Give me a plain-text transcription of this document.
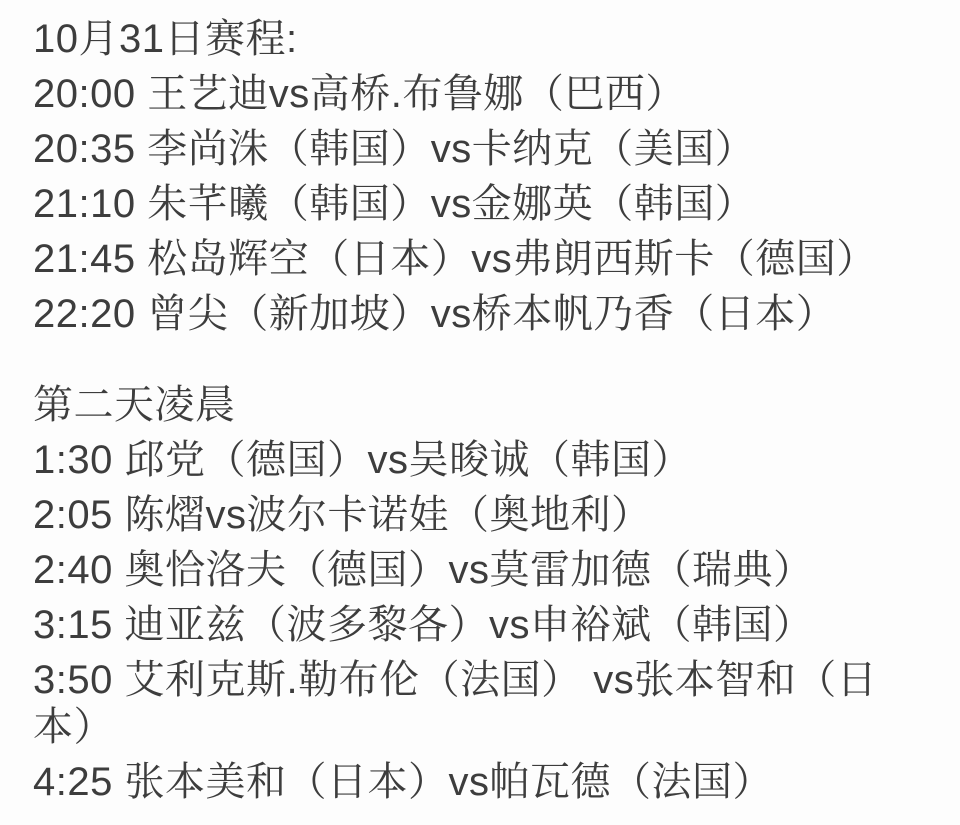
10月31日赛程:

20:00 王艺迪vs高桥.布鲁娜（巴西）

20:35 李尚洙（韩国）vs卡纳克（美国）

21:10 朱芊曦（韩国）vs金娜英（韩国）

21:45 松岛辉空（日本）vs弗朗西斯卡（德国）

22:20 曾尖（新加坡）vs桥本帆乃香（日本）

第二天凌晨

1:30 邱党（德国）vs吴晙诚（韩国）

2:05 陈熠vs波尔卡诺娃（奥地利）

2:40 奥恰洛夫（德国）vs莫雷加德（瑞典）

3:15 迪亚兹（波多黎各）vs申裕斌（韩国）

3:50 艾利克斯.勒布伦（法国） vs张本智和（日本）

4:25 张本美和（日本）vs帕瓦德（法国）
